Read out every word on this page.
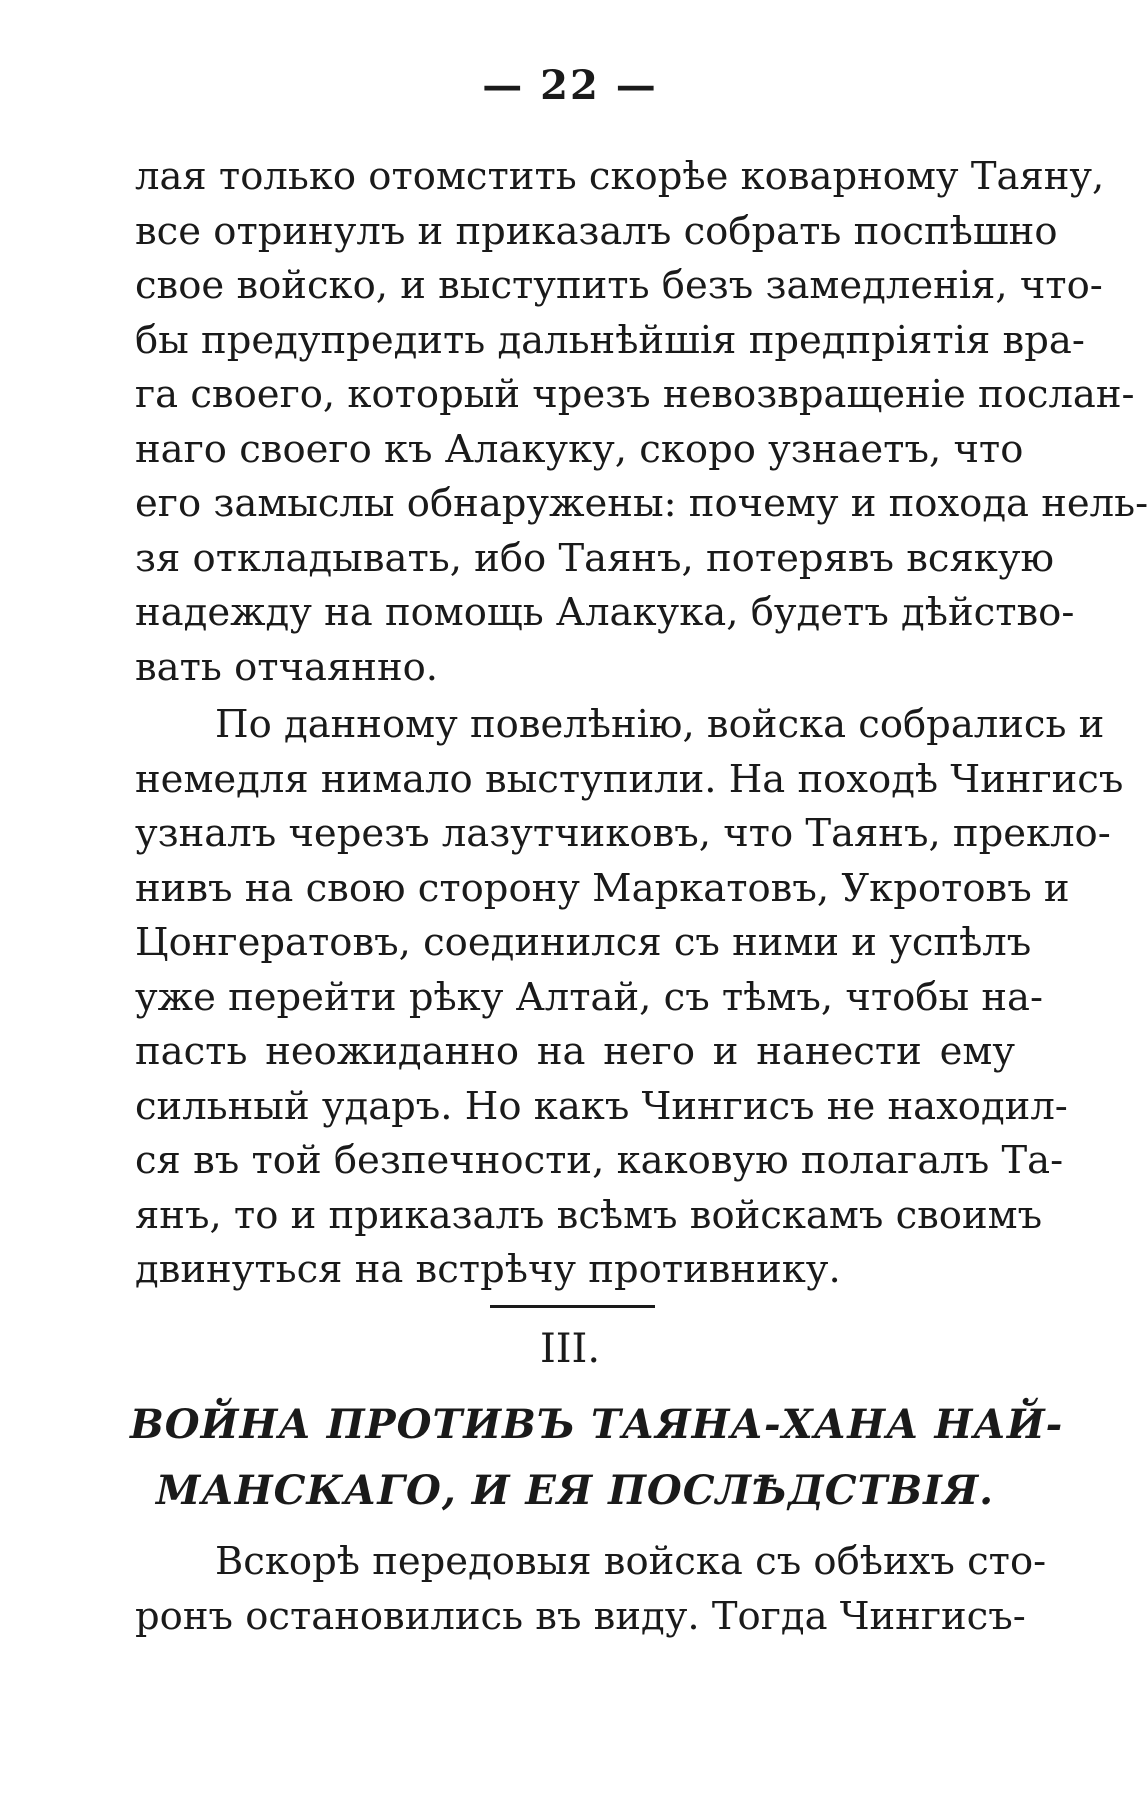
— 22 —
лая только отомстить скорѣе коварному Таяну,
все отринулъ и приказалъ собрать поспѣшно
свое войско, и выступить безъ замедленія, что-
бы предупредить дальнѣйшія предпріятія вра-
га своего, который чрезъ невозвращеніе послан-
наго своего къ Алакуку, скоро узнаетъ, что
его замыслы обнаружены: почему и похода нель-
зя откладывать, ибо Таянъ, потерявъ всякую
надежду на помощь Алакука, будетъ дѣйство-
вать отчаянно.
По данному повелѣнію, войска собрались и
немедля нимало выступили. На походѣ Чингисъ
узналъ черезъ лазутчиковъ, что Таянъ, прекло-
нивъ на свою сторону Маркатовъ, Укротовъ и
Цонгератовъ, соединился съ ними и успѣлъ
уже перейти рѣку Алтай, съ тѣмъ, чтобы на-
пасть неожиданно на него и нанести ему
сильный ударъ. Но какъ Чингисъ не находил-
ся въ той безпечности, каковую полагалъ Та-
янъ, то и приказалъ всѣмъ войскамъ своимъ
двинуться на встрѣчу противнику.
III.
ВОЙНА ПРОТИВЪ ТАЯНА-ХАНА НАЙ-
МАНСКАГО, И ЕЯ ПОСЛѢДСТВІЯ.
Вскорѣ передовыя войска съ обѣихъ сто-
ронъ остановились въ виду. Тогда Чингисъ-
